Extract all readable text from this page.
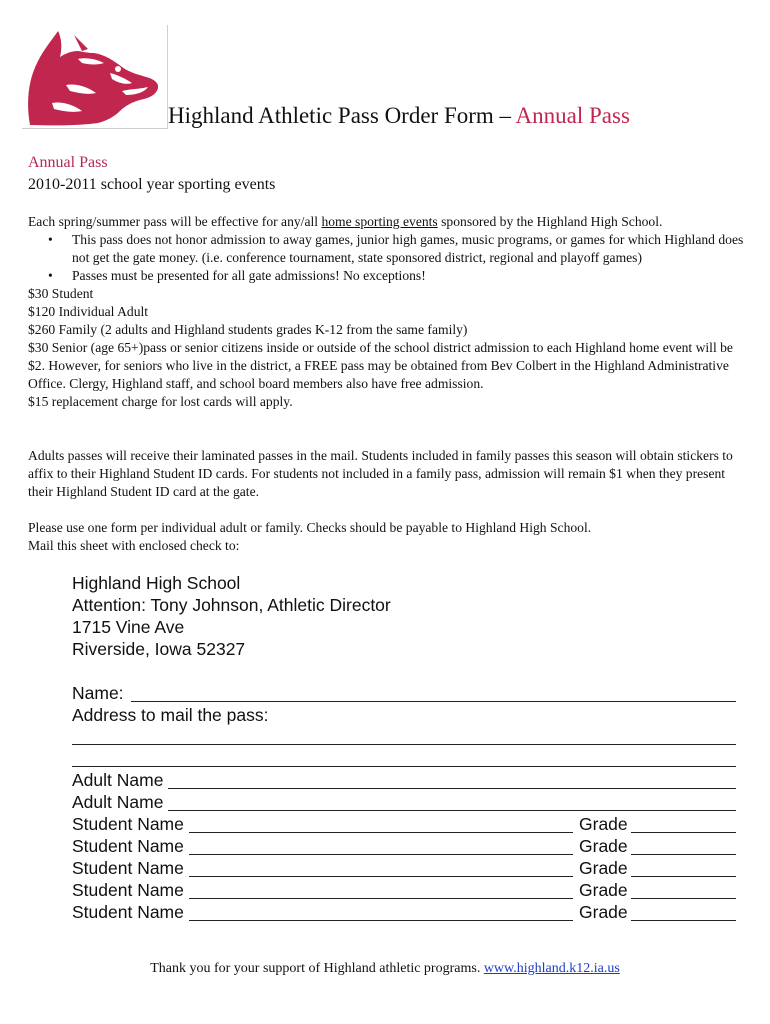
Highland Athletic Pass Order Form – Annual Pass
Annual Pass
2010-2011 school year sporting events
Each spring/summer pass will be effective for any/all home sporting events sponsored by the Highland High School.
• This pass does not honor admission to away games, junior high games, music programs, or games for which Highland does not get the gate money. (i.e. conference tournament, state sponsored district, regional and playoff games)
• Passes must be presented for all gate admissions! No exceptions!
$30 Student
$120 Individual Adult
$260 Family (2 adults and Highland students grades K-12 from the same family)
$30 Senior (age 65+)pass or senior citizens inside or outside of the school district admission to each Highland home event will be $2. However, for seniors who live in the district, a FREE pass may be obtained from Bev Colbert in the Highland Administrative Office. Clergy, Highland staff, and school board members also have free admission.
$15 replacement charge for lost cards will apply.
Adults passes will receive their laminated passes in the mail. Students included in family passes this season will obtain stickers to affix to their Highland Student ID cards. For students not included in a family pass, admission will remain $1 when they present their Highland Student ID card at the gate.
Please use one form per individual adult or family. Checks should be payable to Highland High School.
Mail this sheet with enclosed check to:
Highland High School
Attention: Tony Johnson, Athletic Director
1715 Vine Ave
Riverside, Iowa 52327
Name:
Address to mail the pass:
Adult Name
Adult Name
Student Name	Grade
Student Name	Grade
Student Name	Grade
Student Name	Grade
Student Name	Grade
Thank you for your support of Highland athletic programs. www.highland.k12.ia.us
